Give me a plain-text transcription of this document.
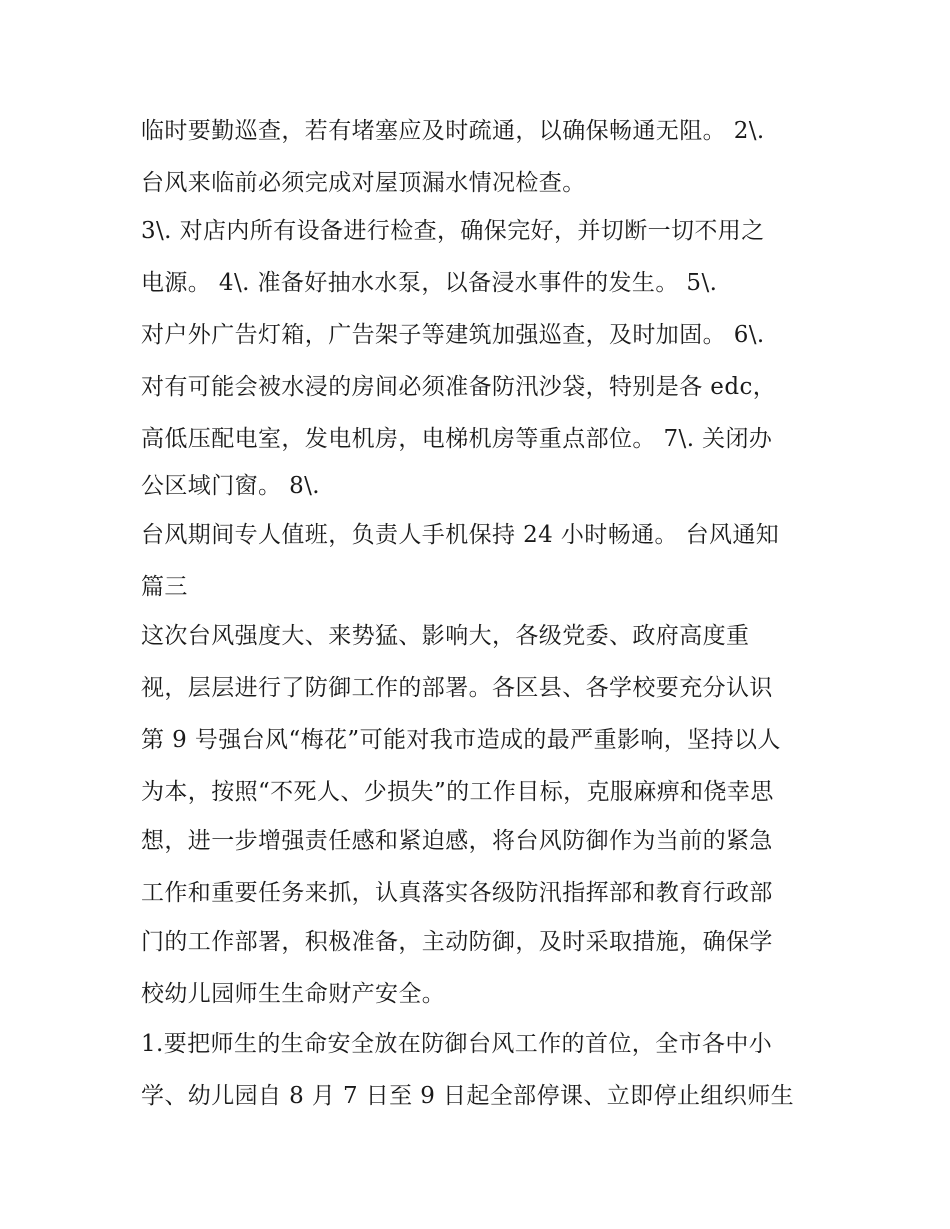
临时要勤巡查，若有堵塞应及时疏通，以确保畅通无阻。 2\.
台风来临前必须完成对屋顶漏水情况检查。
3\. 对店内所有设备进行检查，确保完好，并切断一切不用之
电源。 4\. 准备好抽水水泵，以备浸水事件的发生。 5\.
对户外广告灯箱，广告架子等建筑加强巡查，及时加固。 6\.
对有可能会被水浸的房间必须准备防汛沙袋，特别是各 edc，
高低压配电室，发电机房，电梯机房等重点部位。 7\. 关闭办
公区域门窗。 8\.
台风期间专人值班，负责人手机保持 24 小时畅通。 台风通知
篇三
这次台风强度大、来势猛、影响大，各级党委、政府高度重
视，层层进行了防御工作的部署。各区县、各学校要充分认识
第 9 号强台风“梅花”可能对我市造成的最严重影响，坚持以人
为本，按照“不死人、少损失”的工作目标，克服麻痹和侥幸思
想，进一步增强责任感和紧迫感，将台风防御作为当前的紧急
工作和重要任务来抓，认真落实各级防汛指挥部和教育行政部
门的工作部署，积极准备，主动防御，及时采取措施，确保学
校幼儿园师生生命财产安全。
1.要把师生的生命安全放在防御台风工作的首位，全市各中小
学、幼儿园自 8 月 7 日至 9 日起全部停课、立即停止组织师生
